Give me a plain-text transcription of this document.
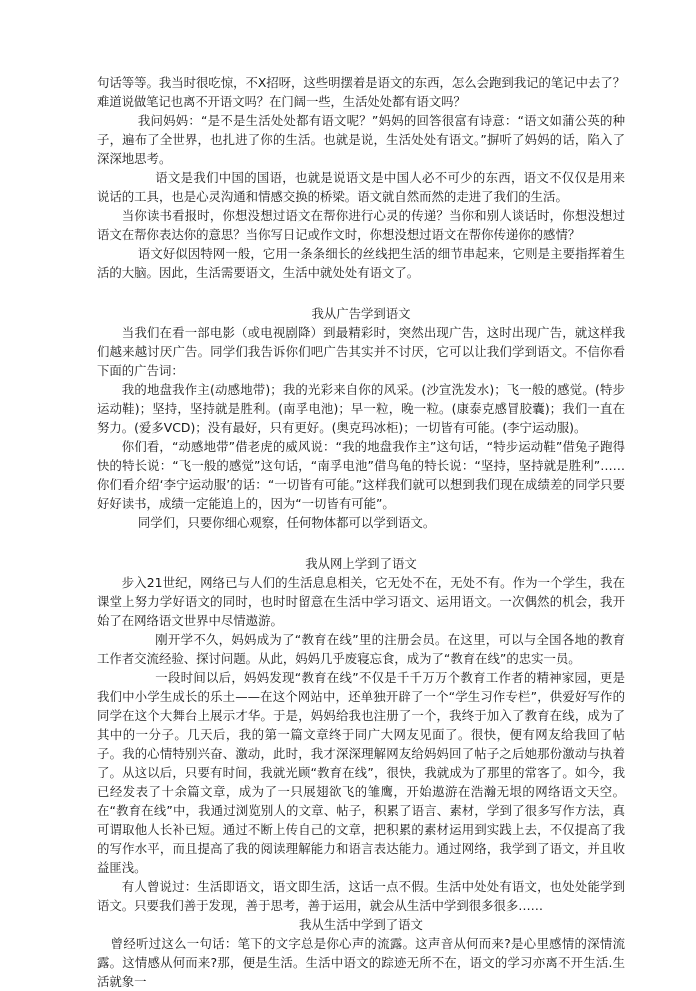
句话等等。我当时很吃惊，不X招呀，这些明摆着是语文的东西，怎么会跑到我记的笔记中去了？难道说做笔记也离不开语文吗？在门阔一些，生活处处都有语文吗？

我问妈妈：“是不是生活处处都有语文呢？”妈妈的回答很富有诗意：“语文如蒲公英的种子，遍布了全世界，也扎进了你的生活。也就是说，生活处处有语文。”摒听了妈妈的话，陷入了深深地思考。

语文是我们中国的国语，也就是说语文是中国人必不可少的东西，语文不仅仅是用来说话的工具，也是心灵沟通和情感交换的桥梁。语文就自然而然的走进了我们的生活。

当你读书看报时，你想没想过语文在帮你进行心灵的传递？当你和别人谈话时，你想没想过语文在帮你表达你的意思？当你写日记或作文时，你想没想过语文在帮你传递你的感情？

语文好似因特网一般，它用一条条细长的丝线把生活的细节串起来，它则是主要指挥着生活的大脑。因此，生活需要语文，生活中就处处有语文了。

我从广告学到语文

当我们在看一部电影（或电视剧降）到最精彩时，突然出现广告，这时出现广告，就这样我们越来越讨厌广告。同学们我告诉你们吧广告其实并不讨厌，它可以让我们学到语文。不信你看下面的广告词：

我的地盘我作主(动感地带)；我的光彩来自你的风采。(沙宣洗发水)；飞一般的感觉。(特步运动鞋)；坚持，坚持就是胜利。(南孚电池)；早一粒，晚一粒。(康泰克感冒胶囊)；我们一直在努力。(爱多VCD)；没有最好，只有更好。(奥克玛冰柜)；一切皆有可能。(李宁运动服)。

你们看，“动感地带”借老虎的威风说：“我的地盘我作主”这句话，“特步运动鞋”借兔子跑得快的特长说：“飞一般的感觉”这句话，“南孚电池”借鸟龟的特长说：“坚持，坚持就是胜利”……你们看介绍‘李宁运动服’的话：“一切皆有可能。”这样我们就可以想到我们现在成绩差的同学只要好好读书，成绩一定能追上的，因为“一切皆有可能”。

同学们，只要你细心观察，任何物体都可以学到语文。

我从网上学到了语文

步入21世纪，网络已与人们的生活息息相关，它无处不在，无处不有。作为一个学生，我在课堂上努力学好语文的同时，也时时留意在生活中学习语文、运用语文。一次偶然的机会，我开始了在网络语文世界中尽情遨游。

刚开学不久，妈妈成为了“教育在线”里的注册会员。在这里，可以与全国各地的教育工作者交流经验、探讨问题。从此，妈妈几乎废寝忘食，成为了“教育在线”的忠实一员。

一段时间以后，妈妈发现“教育在线”不仅是千千万万个教育工作者的精神家园，更是我们中小学生成长的乐土——在这个网站中，还单独开辟了一个“学生习作专栏”，供爱好写作的同学在这个大舞台上展示才华。于是，妈妈给我也注册了一个，我终于加入了教育在线，成为了其中的一分子。几天后，我的第一篇文章终于同广大网友见面了。很快，便有网友给我回了帖子。我的心情特别兴奋、激动，此时，我才深深理解网友给妈妈回了帖子之后她那份激动与执着了。从这以后，只要有时间，我就光顾“教育在线”，很快，我就成为了那里的常客了。如今，我已经发表了十余篇文章，成为了一只展翅欲飞的雏鹰，开始遨游在浩瀚无垠的网络语文天空。在“教育在线”中，我通过浏览别人的文章、帖子，积累了语言、素材，学到了很多写作方法，真可谓取他人长补已短。通过不断上传自己的文章，把积累的素材运用到实践上去，不仅提高了我的写作水平，而且提高了我的阅读理解能力和语言表达能力。通过网络，我学到了语文，并且收益匪浅。

有人曾说过：生活即语文，语文即生活，这话一点不假。生活中处处有语文，也处处能学到语文。只要我们善于发现，善于思考，善于运用，就会从生活中学到很多很多……

我从生活中学到了语文

曾经听过这么一句话：笔下的文字总是你心声的流露。这声音从何而来?是心里感情的深情流露。这情感从何而来?那，便是生活。生活中语文的踪迹无所不在，语文的学习亦离不开生活.生活就象一
